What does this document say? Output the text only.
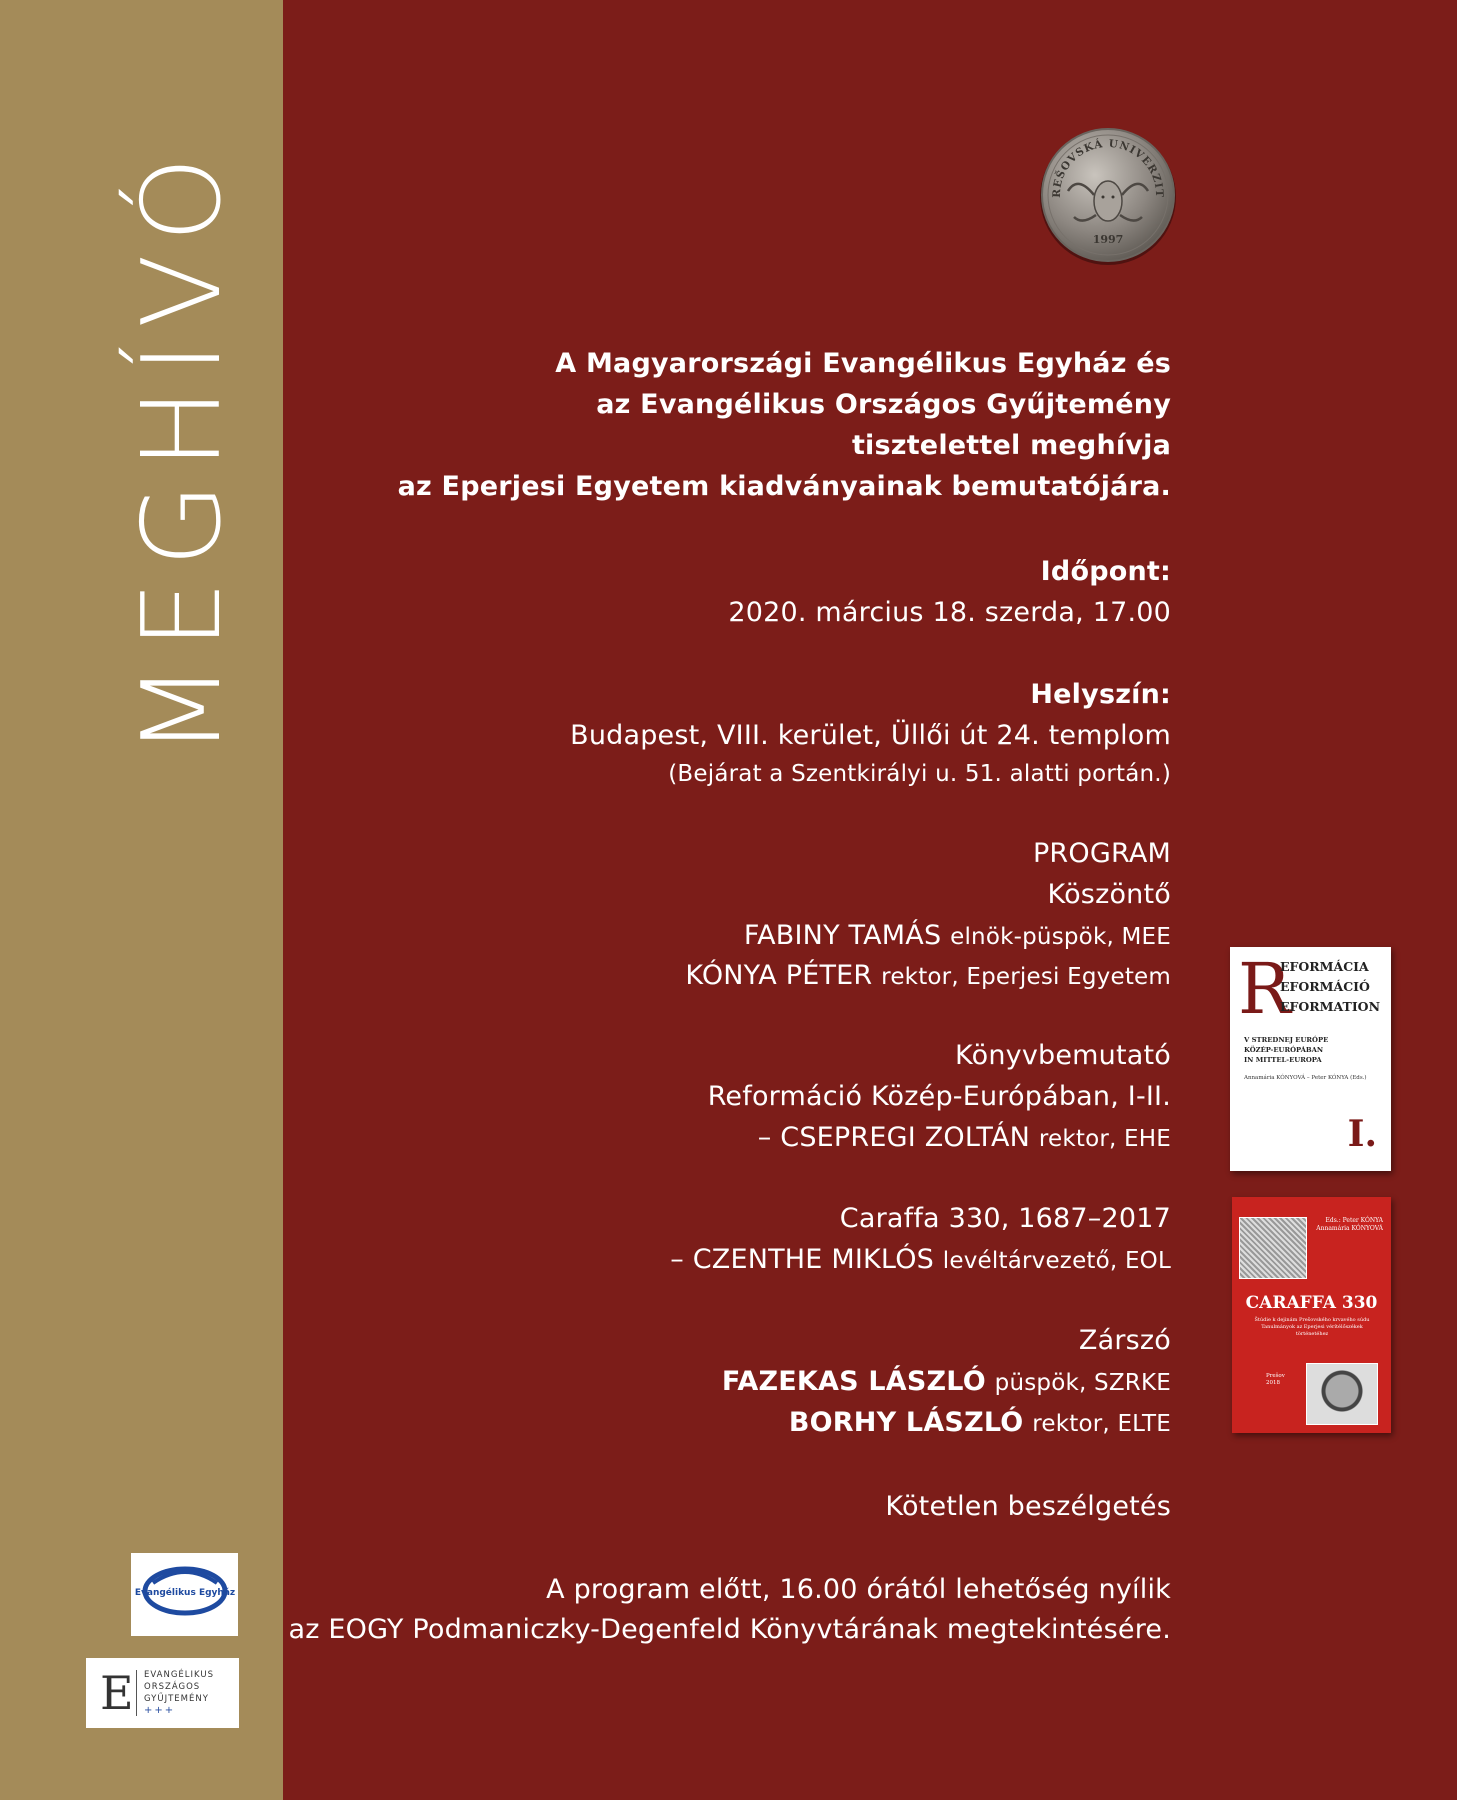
MEGHÍVÓ
Evangélikus Egyház
E EVANGÉLIKUS
ORSZÁGOS
GYŰJTEMÉNY
+++
REŠOVSKÁ UNIVERZIT
1997
A Magyarországi Evangélikus Egyház és
az Evangélikus Országos Gyűjtemény
tisztelettel meghívja
az Eperjesi Egyetem kiadványainak bemutatójára.
Időpont:
2020. március 18. szerda, 17.00
Helyszín:
Budapest, VIII. kerület, Üllői út 24. templom
(Bejárat a Szentkirályi u. 51. alatti portán.)
PROGRAM
Köszöntő
FABINY TAMÁS elnök-püspök, MEE
KÓNYA PÉTER rektor, Eperjesi Egyetem
Könyvbemutató
Reformáció Közép-Európában, I-II.
– CSEPREGI ZOLTÁN rektor, EHE
Caraffa 330, 1687–2017
– CZENTHE MIKLÓS levéltárvezető, EOL
Zárszó
FAZEKAS LÁSZLÓ püspök, SZRKE
BORHY LÁSZLÓ rektor, ELTE
Kötetlen beszélgetés
A program előtt, 16.00 órától lehetőség nyílik
az EOGY Podmaniczky-Degenfeld Könyvtárának megtekintésére.
R
EFORMÁCIA
EFORMÁCIÓ
EFORMATION
V STREDNEJ EURÓPE
KÖZÉP-EURÓPÁBAN
IN MITTEL-EUROPA
Annamária KÓNYOVÁ – Peter KÓNYA (Eds.)
I.
Eds.: Peter KÓNYA
Annamária KÓNYOVÁ
CARAFFA 330
Štúdie k dejinám Prešovského krvavého súdu Tanulmányok az Eperjesi vérítélőszékek történetéhez
Prešov
2018
